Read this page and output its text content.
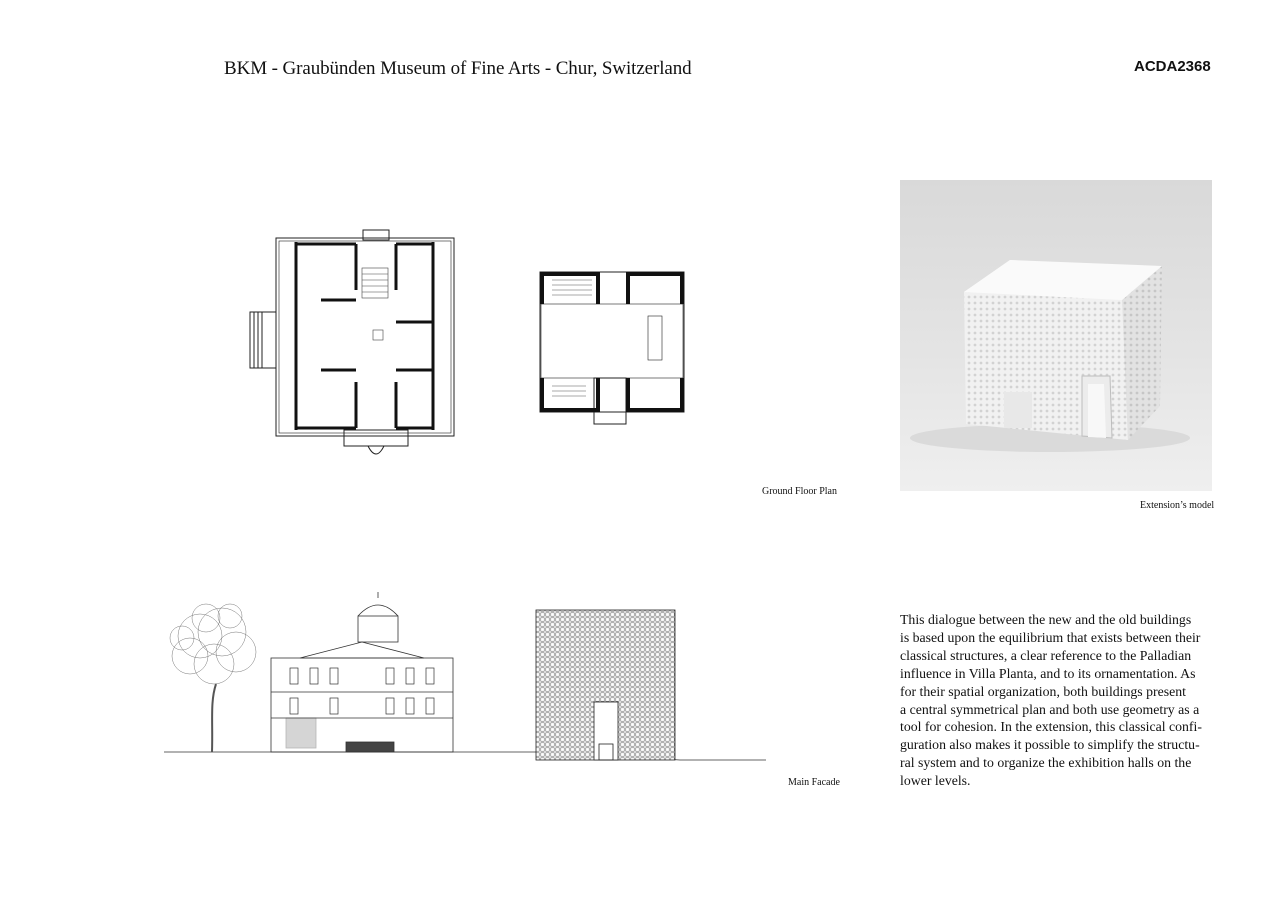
BKM - Graubünden Museum of Fine Arts - Chur, Switzerland	ACDA2368
Ground Floor Plan
Extension’s model
Main Facade
This dialogue between the new and the old buildings
is based upon the equilibrium that exists between their
classical structures, a clear reference to the Palladian
influence in Villa Planta, and to its ornamentation. As
for their spatial organization, both buildings present
a central symmetrical plan and both use geometry as a
tool for cohesion. In the extension, this classical confi-
guration also makes it possible to simplify the structu-
ral system and to organize the exhibition halls on the
lower levels.
